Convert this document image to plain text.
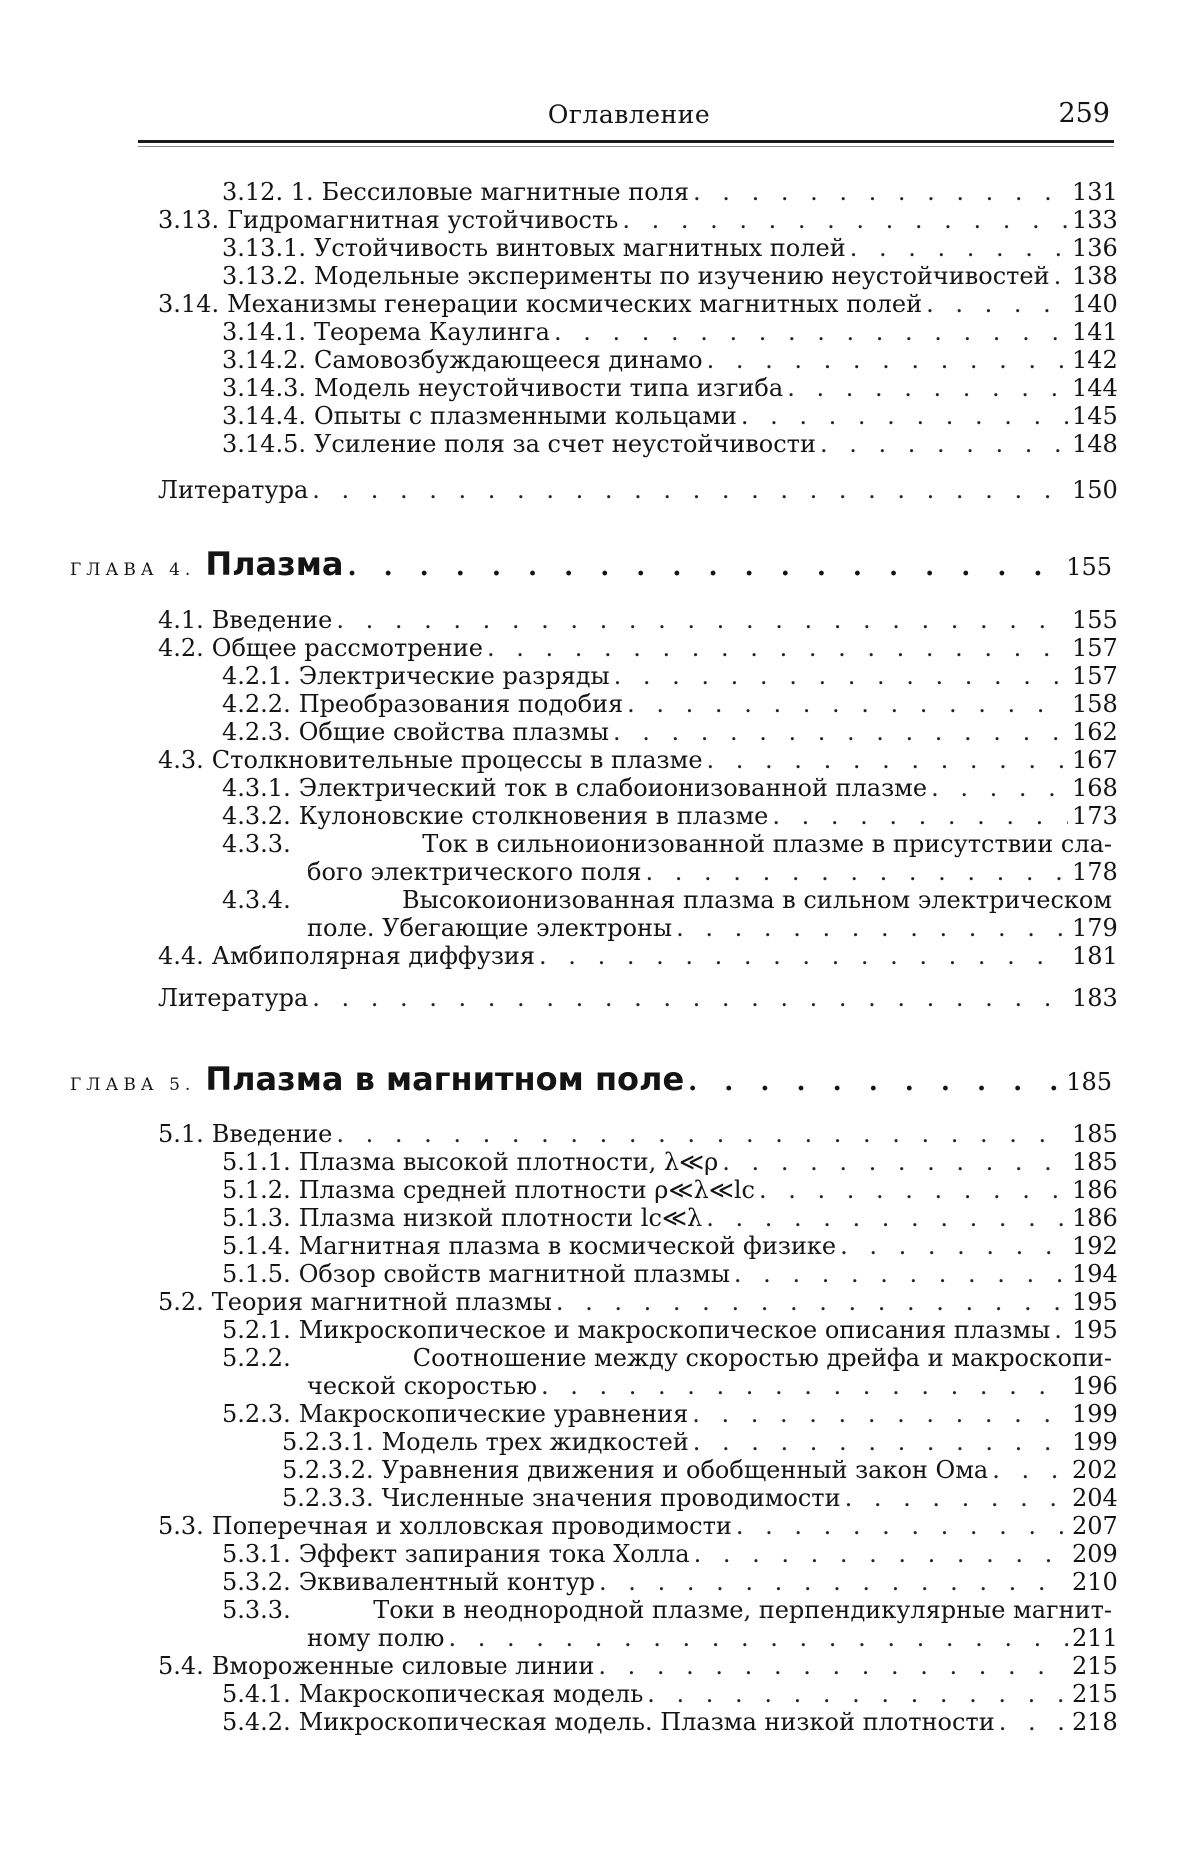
Оглавление	259
3.12. 1. Бессиловые магнитные поля . . .	131
3.13. Гидромагнитная устойчивость . . .	133
3.13.1. Устойчивость винтовых магнитных полей . . .	136
3.13.2. Модельные эксперименты по изучению неустойчивостей . . . 138
3.14. Механизмы генерации космических магнитных полей . . .	140
3.14.1. Теорема Каулинга . . .	141
3.14.2. Самовозбуждающееся динамо . . .	142
3.14.3. Модель неустойчивости типа изгиба . . .	144
3.14.4. Опыты с плазменными кольцами . . .	145
3.14.5. Усиление поля за счет неустойчивости . . .	148
Литература . . .	150
ГЛАВА 4. Плазма . . .	155
4.1. Введение . . .	155
4.2. Общее рассмотрение . . .	157
4.2.1. Электрические разряды . . .	157
4.2.2. Преобразования подобия . . .	158
4.2.3. Общие свойства плазмы . . .	162
4.3. Столкновительные процессы в плазме . . .	167
4.3.1. Электрический ток в слабоионизованной плазме . . .	168
4.3.2. Кулоновские столкновения в плазме . . .	173
4.3.3.	Ток в сильноионизованной плазме в присутствии сла-
бого электрического поля . . .	178
4.3.4.	Высокоионизованная плазма в сильном электрическом
поле. Убегающие электроны . . .	179
4.4. Амбиполярная диффузия . . .	181
Литература . . .	183
ГЛАВА 5. Плазма в магнитном поле . . .	185
5.1. Введение . . .	185
5.1.1. Плазма высокой плотности, λ≪ρ . . .	185
5.1.2. Плазма средней плотности ρ≪λ≪lc . . .	186
5.1.3. Плазма низкой плотности lc≪λ . . .	186
5.1.4. Магнитная плазма в космической физике . . .	192
5.1.5. Обзор свойств магнитной плазмы . . .	194
5.2. Теория магнитной плазмы . . .	195
5.2.1. Микроскопическое и макроскопическое описания плазмы . . . 195
5.2.2.	Соотношение между скоростью дрейфа и макроскопи-
ческой скоростью . . .	196
5.2.3. Макроскопические уравнения . . .	199
5.2.3.1. Модель трех жидкостей . . .	199
5.2.3.2. Уравнения движения и обобщенный закон Ома . . .	202
5.2.3.3. Численные значения проводимости . . .	204
5.3. Поперечная и холловская проводимости . . .	207
5.3.1. Эффект запирания тока Холла . . .	209
5.3.2. Эквивалентный контур . . .	210
5.3.3.	Токи в неоднородной плазме, перпендикулярные магнит-
ному полю . . .	211
5.4. Вмороженные силовые линии . . .	215
5.4.1. Макроскопическая модель . . .	215
5.4.2. Микроскопическая модель. Плазма низкой плотности . . .	218
